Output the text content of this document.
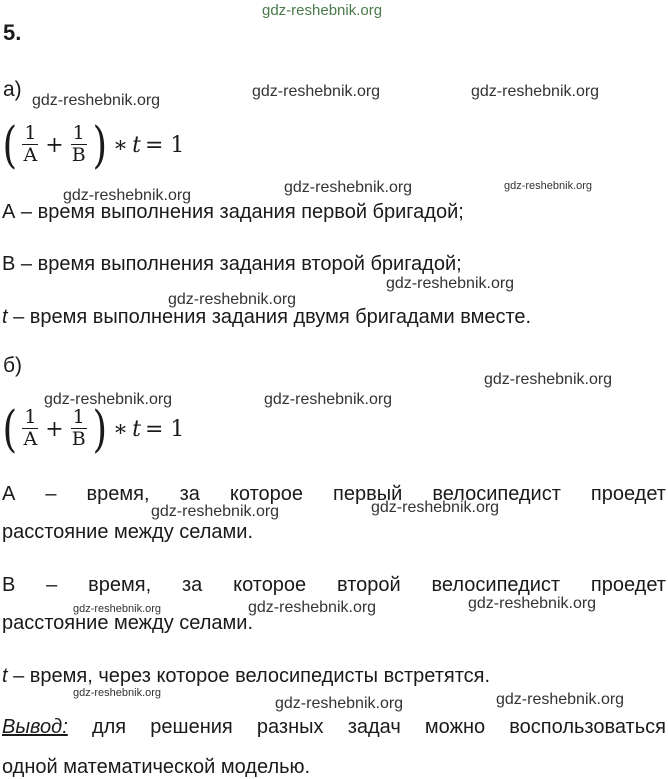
gdz-reshebnik.org
5.
а)
( $\frac{1}{A} + \frac{1}{B}$ ) ∗ t = 1
А – время выполнения задания первой бригадой;
В – время выполнения задания второй бригадой;
t – время выполнения задания двумя бригадами вместе.
б)
( $\frac{1}{A} + \frac{1}{B}$ ) ∗ t = 1
А – время, за которое первый велосипедист проедет
расстояние между селами.
В – время, за которое второй велосипедист проедет
расстояние между селами.
t – время, через которое велосипедисты встретятся.
Вывод: для решения разных задач можно воспользоваться
одной математической моделью.
gdz-reshebnik.org
gdz-reshebnik.org	gdz-reshebnik.org
gdz-reshebnik.org	gdz-reshebnik.org	gdz-reshebnik.org
gdz-reshebnik.org
gdz-reshebnik.org
gdz-reshebnik.org
gdz-reshebnik.org	gdz-reshebnik.org
gdz-reshebnik.org	gdz-reshebnik.org
gdz-reshebnik.org	gdz-reshebnik.org	gdz-reshebnik.org
gdz-reshebnik.org
gdz-reshebnik.org	gdz-reshebnik.org
